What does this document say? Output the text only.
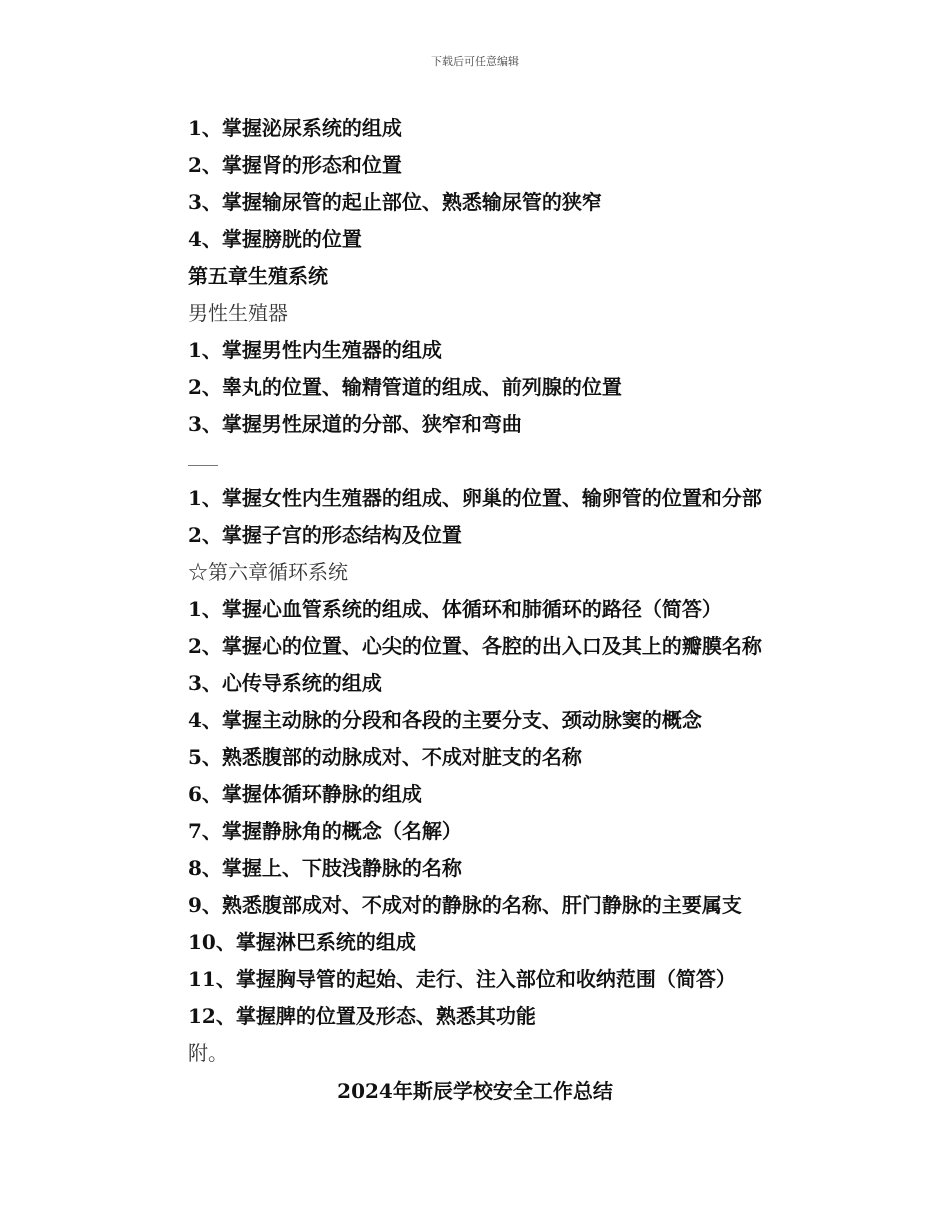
下载后可任意编辑
1、掌握泌尿系统的组成
2、掌握肾的形态和位置
3、掌握输尿管的起止部位、熟悉输尿管的狭窄
4、掌握膀胱的位置
第五章生殖系统
男性生殖器
1、掌握男性内生殖器的组成
2、睾丸的位置、输精管道的组成、前列腺的位置
3、掌握男性尿道的分部、狭窄和弯曲
1、掌握女性内生殖器的组成、卵巢的位置、输卵管的位置和分部
2、掌握子宫的形态结构及位置
☆第六章循环系统
1、掌握心血管系统的组成、体循环和肺循环的路径（简答）
2、掌握心的位置、心尖的位置、各腔的出入口及其上的瓣膜名称
3、心传导系统的组成
4、掌握主动脉的分段和各段的主要分支、颈动脉窦的概念
5、熟悉腹部的动脉成对、不成对脏支的名称
6、掌握体循环静脉的组成
7、掌握静脉角的概念（名解）
8、掌握上、下肢浅静脉的名称
9、熟悉腹部成对、不成对的静脉的名称、肝门静脉的主要属支
10、掌握淋巴系统的组成
11、掌握胸导管的起始、走行、注入部位和收纳范围（简答）
12、掌握脾的位置及形态、熟悉其功能
附。
2024年斯辰学校安全工作总结
